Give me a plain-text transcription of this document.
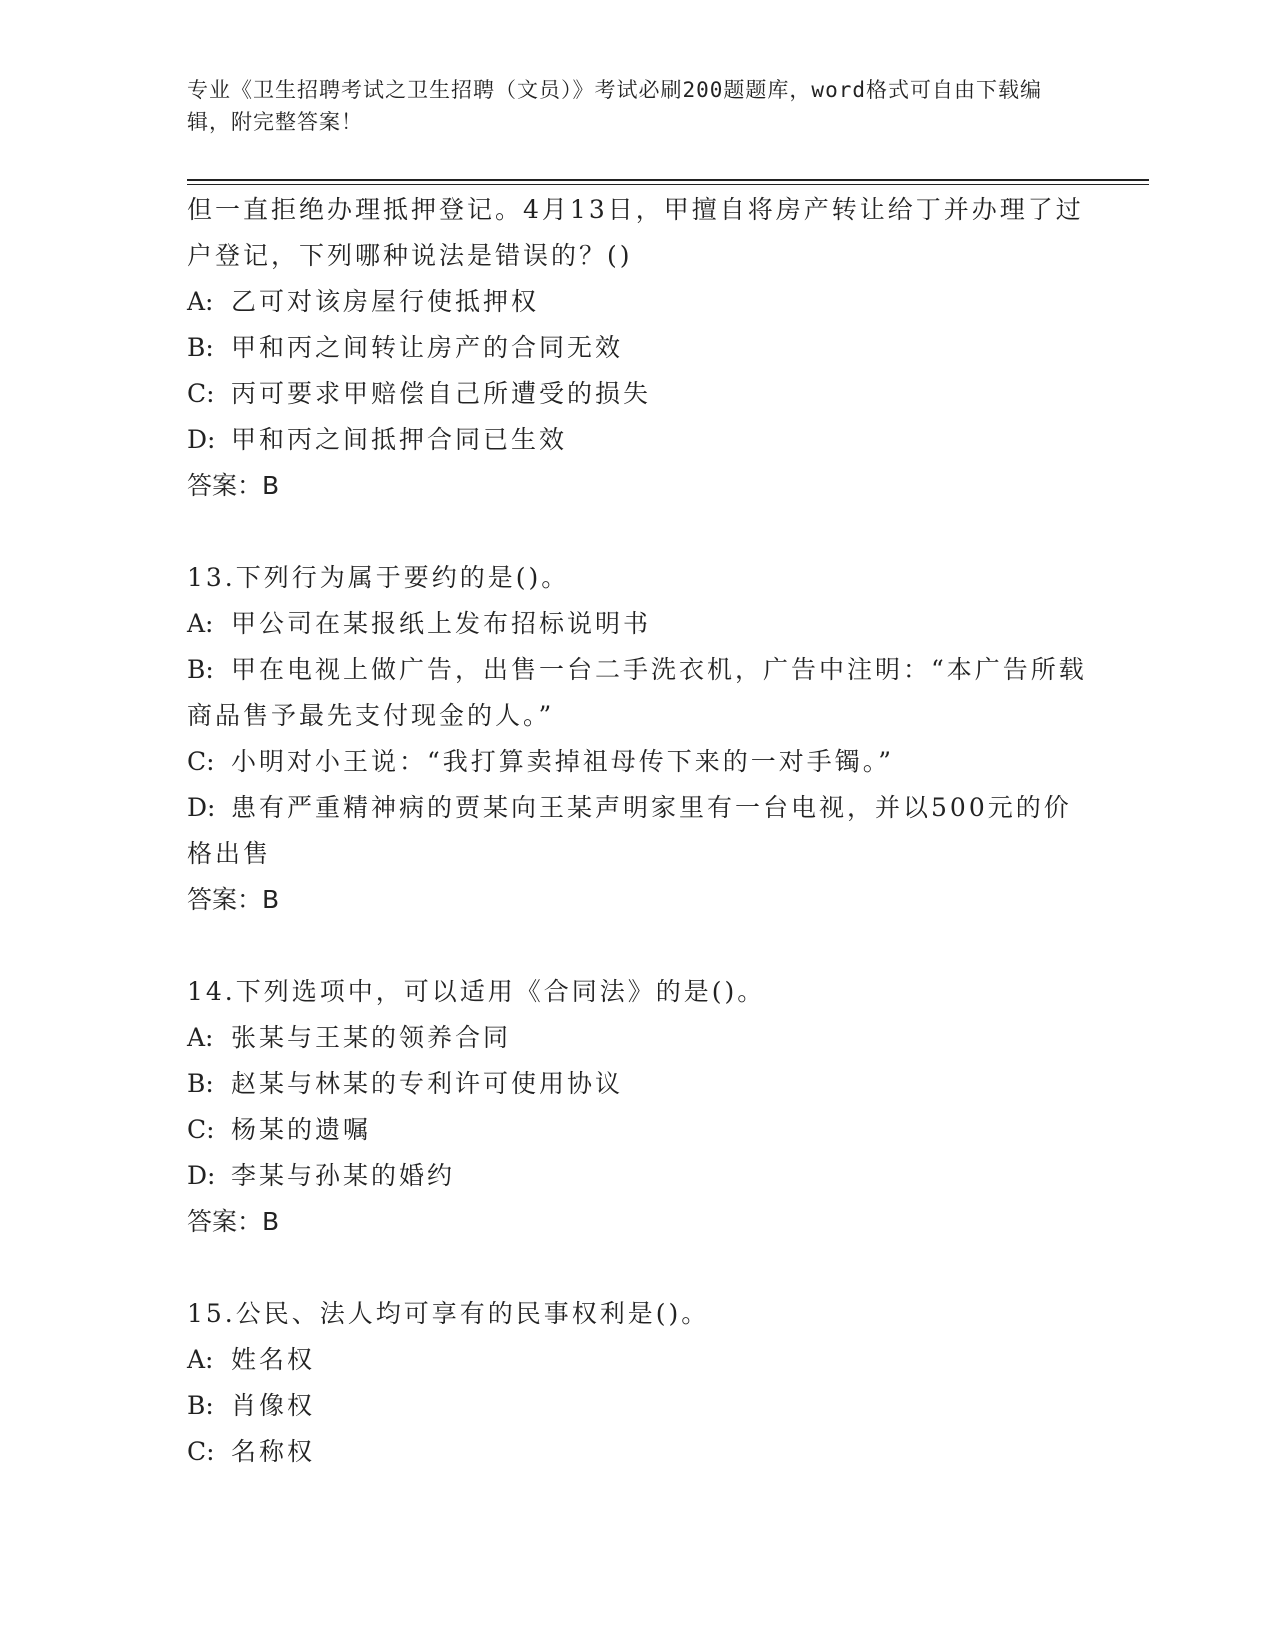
专业《卫生招聘考试之卫生招聘（文员）》考试必刷200题题库，word格式可自由下载编辑，附完整答案！

但一直拒绝办理抵押登记。4月13日，甲擅自将房产转让给丁并办理了过户登记，下列哪种说法是错误的？()

A: 乙可对该房屋行使抵押权
B: 甲和丙之间转让房产的合同无效
C: 丙可要求甲赔偿自己所遭受的损失
D: 甲和丙之间抵押合同已生效

答案：B

13.下列行为属于要约的是()。

A: 甲公司在某报纸上发布招标说明书
B: 甲在电视上做广告，出售一台二手洗衣机，广告中注明：“本广告所载商品售予最先支付现金的人。”
C: 小明对小王说：“我打算卖掉祖母传下来的一对手镯。”
D: 患有严重精神病的贾某向王某声明家里有一台电视，并以500元的价格出售

答案：B

14.下列选项中，可以适用《合同法》的是()。

A: 张某与王某的领养合同
B: 赵某与林某的专利许可使用协议
C: 杨某的遗嘱
D: 李某与孙某的婚约

答案：B

15.公民、法人均可享有的民事权利是()。

A: 姓名权
B: 肖像权
C: 名称权
